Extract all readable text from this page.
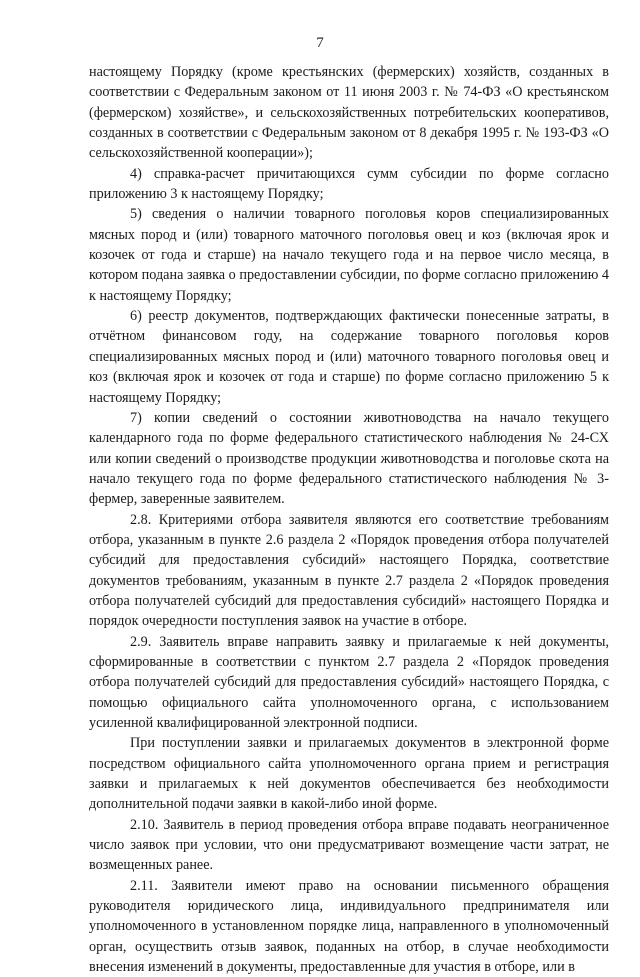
7

настоящему Порядку (кроме крестьянских (фермерских) хозяйств, созданных в соответствии с Федеральным законом от 11 июня 2003 г. № 74-ФЗ «О крестьянском (фермерском) хозяйстве», и сельскохозяйственных потребительских кооперативов, созданных в соответствии с Федеральным законом от 8 декабря 1995 г. № 193-ФЗ «О сельскохозяйственной кооперации»);

4) справка-расчет причитающихся сумм субсидии по форме согласно приложению 3 к настоящему Порядку;

5) сведения о наличии товарного поголовья коров специализированных мясных пород и (или) товарного маточного поголовья овец и коз (включая ярок и козочек от года и старше) на начало текущего года и на первое число месяца, в котором подана заявка о предоставлении субсидии, по форме согласно приложению 4 к настоящему Порядку;

6) реестр документов, подтверждающих фактически понесенные затраты, в отчётном финансовом году, на содержание товарного поголовья коров специализированных мясных пород и (или) маточного товарного поголовья овец и коз (включая ярок и козочек от года и старше) по форме согласно приложению 5 к настоящему Порядку;

7) копии сведений о состоянии животноводства на начало текущего календарного года по форме федерального статистического наблюдения № 24-СХ или копии сведений о производстве продукции животноводства и поголовье скота на начало текущего года по форме федерального статистического наблюдения № 3-фермер, заверенные заявителем.

2.8. Критериями отбора заявителя являются его соответствие требованиям отбора, указанным в пункте 2.6 раздела 2 «Порядок проведения отбора получателей субсидий для предоставления субсидий» настоящего Порядка, соответствие документов требованиям, указанным в пункте 2.7 раздела 2 «Порядок проведения отбора получателей субсидий для предоставления субсидий» настоящего Порядка и порядок очередности поступления заявок на участие в отборе.

2.9. Заявитель вправе направить заявку и прилагаемые к ней документы, сформированные в соответствии с пунктом 2.7 раздела 2 «Порядок проведения отбора получателей субсидий для предоставления субсидий» настоящего Порядка, с помощью официального сайта уполномоченного органа, с использованием усиленной квалифицированной электронной подписи.

При поступлении заявки и прилагаемых документов в электронной форме посредством официального сайта уполномоченного органа прием и регистрация заявки и прилагаемых к ней документов обеспечивается без необходимости дополнительной подачи заявки в какой-либо иной форме.

2.10. Заявитель в период проведения отбора вправе подавать неограниченное число заявок при условии, что они предусматривают возмещение части затрат, не возмещенных ранее.

2.11. Заявители имеют право на основании письменного обращения руководителя юридического лица, индивидуального предпринимателя или уполномоченного в установленном порядке лица, направленного в уполномоченный орган, осуществить отзыв заявок, поданных на отбор, в случае необходимости внесения изменений в документы, предоставленные для участия в отборе, или в
